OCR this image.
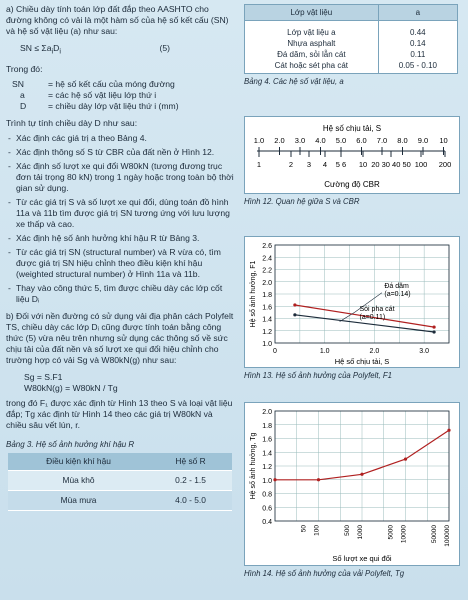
a) Chiều dày tính toán lớp đất đắp theo AASHTO cho đường không có vải là một hàm số của hệ số kết cấu (SN) và hệ số vật liệu (a) như sau:

SN ≤ $\Sigma a_iD_i$	(5)
Trong đó:
SN	= hệ số kết cấu của móng đường
a	= các hệ số vật liệu lớp thứ i
D	= chiều dày lớp vật liệu thứ i (mm)
Trình tự tính chiều dày D như sau:
- Xác định các giá trị a theo Bảng 4.
- Xác định thông số S từ CBR của đất nền ở Hình 12.
- Xác định số lượt xe qui đổi W80kN (tương đương trục đơn tải trọng 80 kN) trong 1 ngày hoặc trong toàn bộ thời gian sử dụng.
- Từ các giá trị S và số lượt xe qui đổi, dùng toán đồ hình 11a và 11b tìm được giá trị SN tương ứng với lưu lượng xe thấp và cao.
- Xác định hệ số ảnh hưởng khí hậu R từ Bảng 3.
- Từ các giá trị SN (structural number) và R vừa có, tìm được giá trị SN hiệu chỉnh theo điều kiện khí hậu (weighted structural number) ở Hình 11a và 11b.
- Thay vào công thức 5, tìm được chiều dày các lớp cốt liệu Dᵢ

b) Đối với nền đường có sử dụng vải địa phân cách Polyfelt TS, chiều dày các lớp Dᵢ cũng được tính toán bằng công thức (5) vừa nêu trên nhưng sử dụng các thông số về sức chịu tải của đất nền và số lượt xe qui đổi hiệu chỉnh cho trường hợp có vải Sg và W80kN(g) như sau:

Sg = S.F1
W80kN(g) = W80kN / Tg

trong đó F₁ được xác định từ Hình 13 theo S và loại vật liệu đắp; Tg xác định từ Hình 14 theo các giá trị W80kN và chiều sâu vết lún, r.

Bảng 3. Hệ số ảnh hưởng khí hậu R
Điều kiện khí hậu	Hệ số R
Mùa khô	0.2 - 1.5
Mùa mưa	4.0 - 5.0
Lớp vật liệu	a

Lớp vật liệu a	0.44
Nhựa asphalt	0.14
Đá dăm, sỏi lẫn cát	0.11
Cát hoặc sét pha cát	0.05 - 0.10
Bảng 4. Các hệ số vật liệu, a
Hệ số chịu tải, S
1.0 2.0 3.0 4.0 5.0 6.0 7.0 8.0 9.0 10
1	2 3 4 5 6 10 20 30 40 50 100 200
Cường độ CBR
Hình 12. Quan hệ giữa S và CBR
1.0
1.2
1.4
1.6
1.8
2.0
2.2
2.4
2.6
0	1.0	2.0	3.0
Hệ số ảnh hưởng, F1
Hệ số chịu tải, S
Đá dăm
(a=0.14)
Sỏi pha cát
(a=0.11)
Hình 13. Hệ số ảnh hưởng của Polyfelt, F1
0.4
0.6
0.8
1.0
1.2
1.4
1.6
1.8
2.0
50 100	500 1000	5000 10000	50000 100000
Hệ số ảnh hưởng, Tg
Số lượt xe qui đổi
Hình 14. Hệ số ảnh hưởng của vải Polyfelt, Tg
